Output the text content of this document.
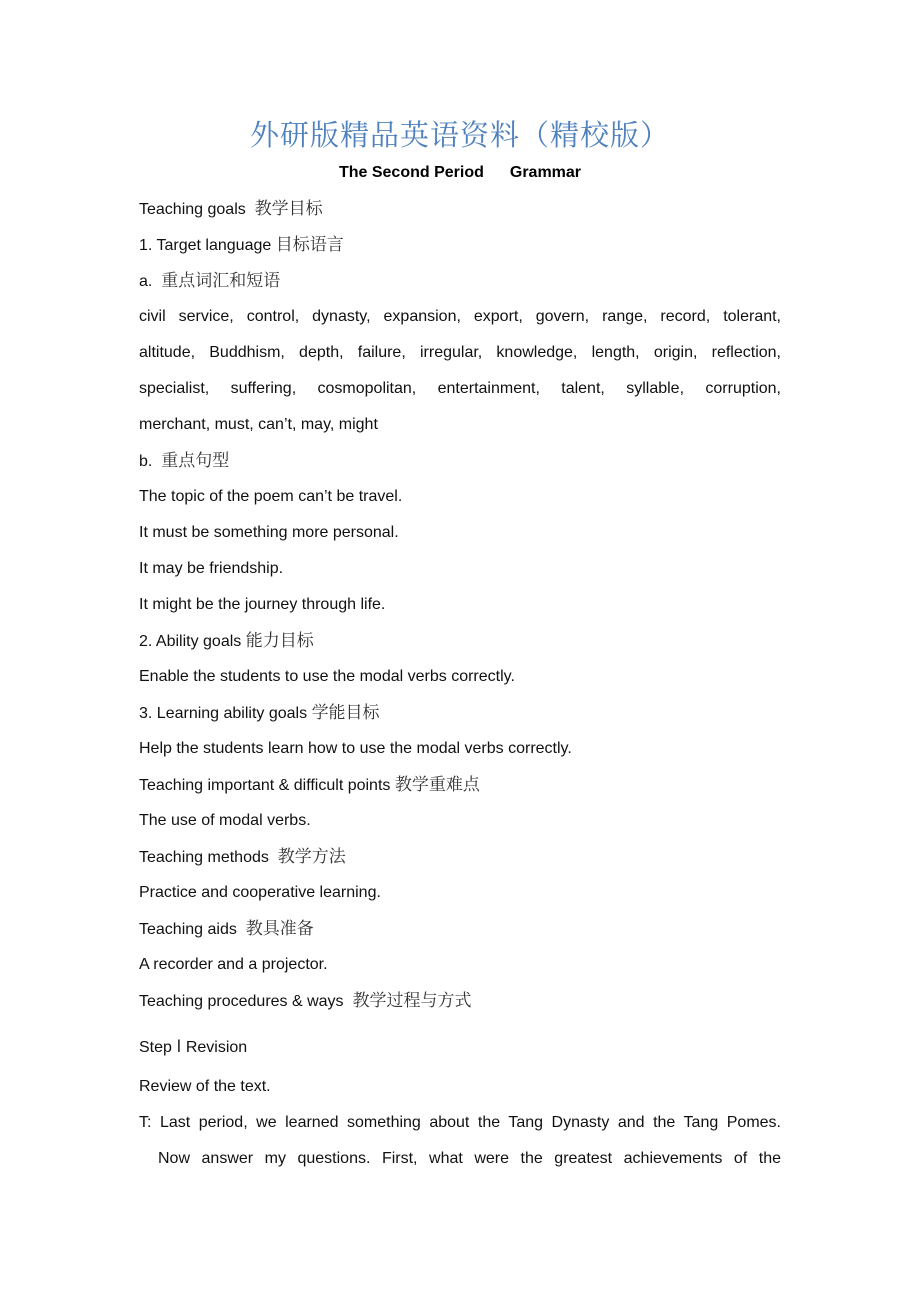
外研版精品英语资料（精校版）
The Second Period Grammar
Teaching goals 教学目标
1. Target language 目标语言
a. 重点词汇和短语
civil service, control, dynasty, expansion, export, govern, range, record, tolerant,
altitude, Buddhism, depth, failure, irregular, knowledge, length, origin, reflection,
specialist, suffering, cosmopolitan, entertainment, talent, syllable, corruption,
merchant, must, can’t, may, might
b. 重点句型
The topic of the poem can’t be travel.
It must be something more personal.
It may be friendship.
It might be the journey through life.
2. Ability goals 能力目标
Enable the students to use the modal verbs correctly.
3. Learning ability goals 学能目标
Help the students learn how to use the modal verbs correctly.
Teaching important & difficult points 教学重难点
The use of modal verbs.
Teaching methods 教学方法
Practice and cooperative learning.
Teaching aids 教具准备
A recorder and a projector.
Teaching procedures & ways 教学过程与方式
Step Ⅰ Revision
Review of the text.
T: Last period, we learned something about the Tang Dynasty and the Tang Pomes.
Now answer my questions. First, what were the greatest achievements of the
